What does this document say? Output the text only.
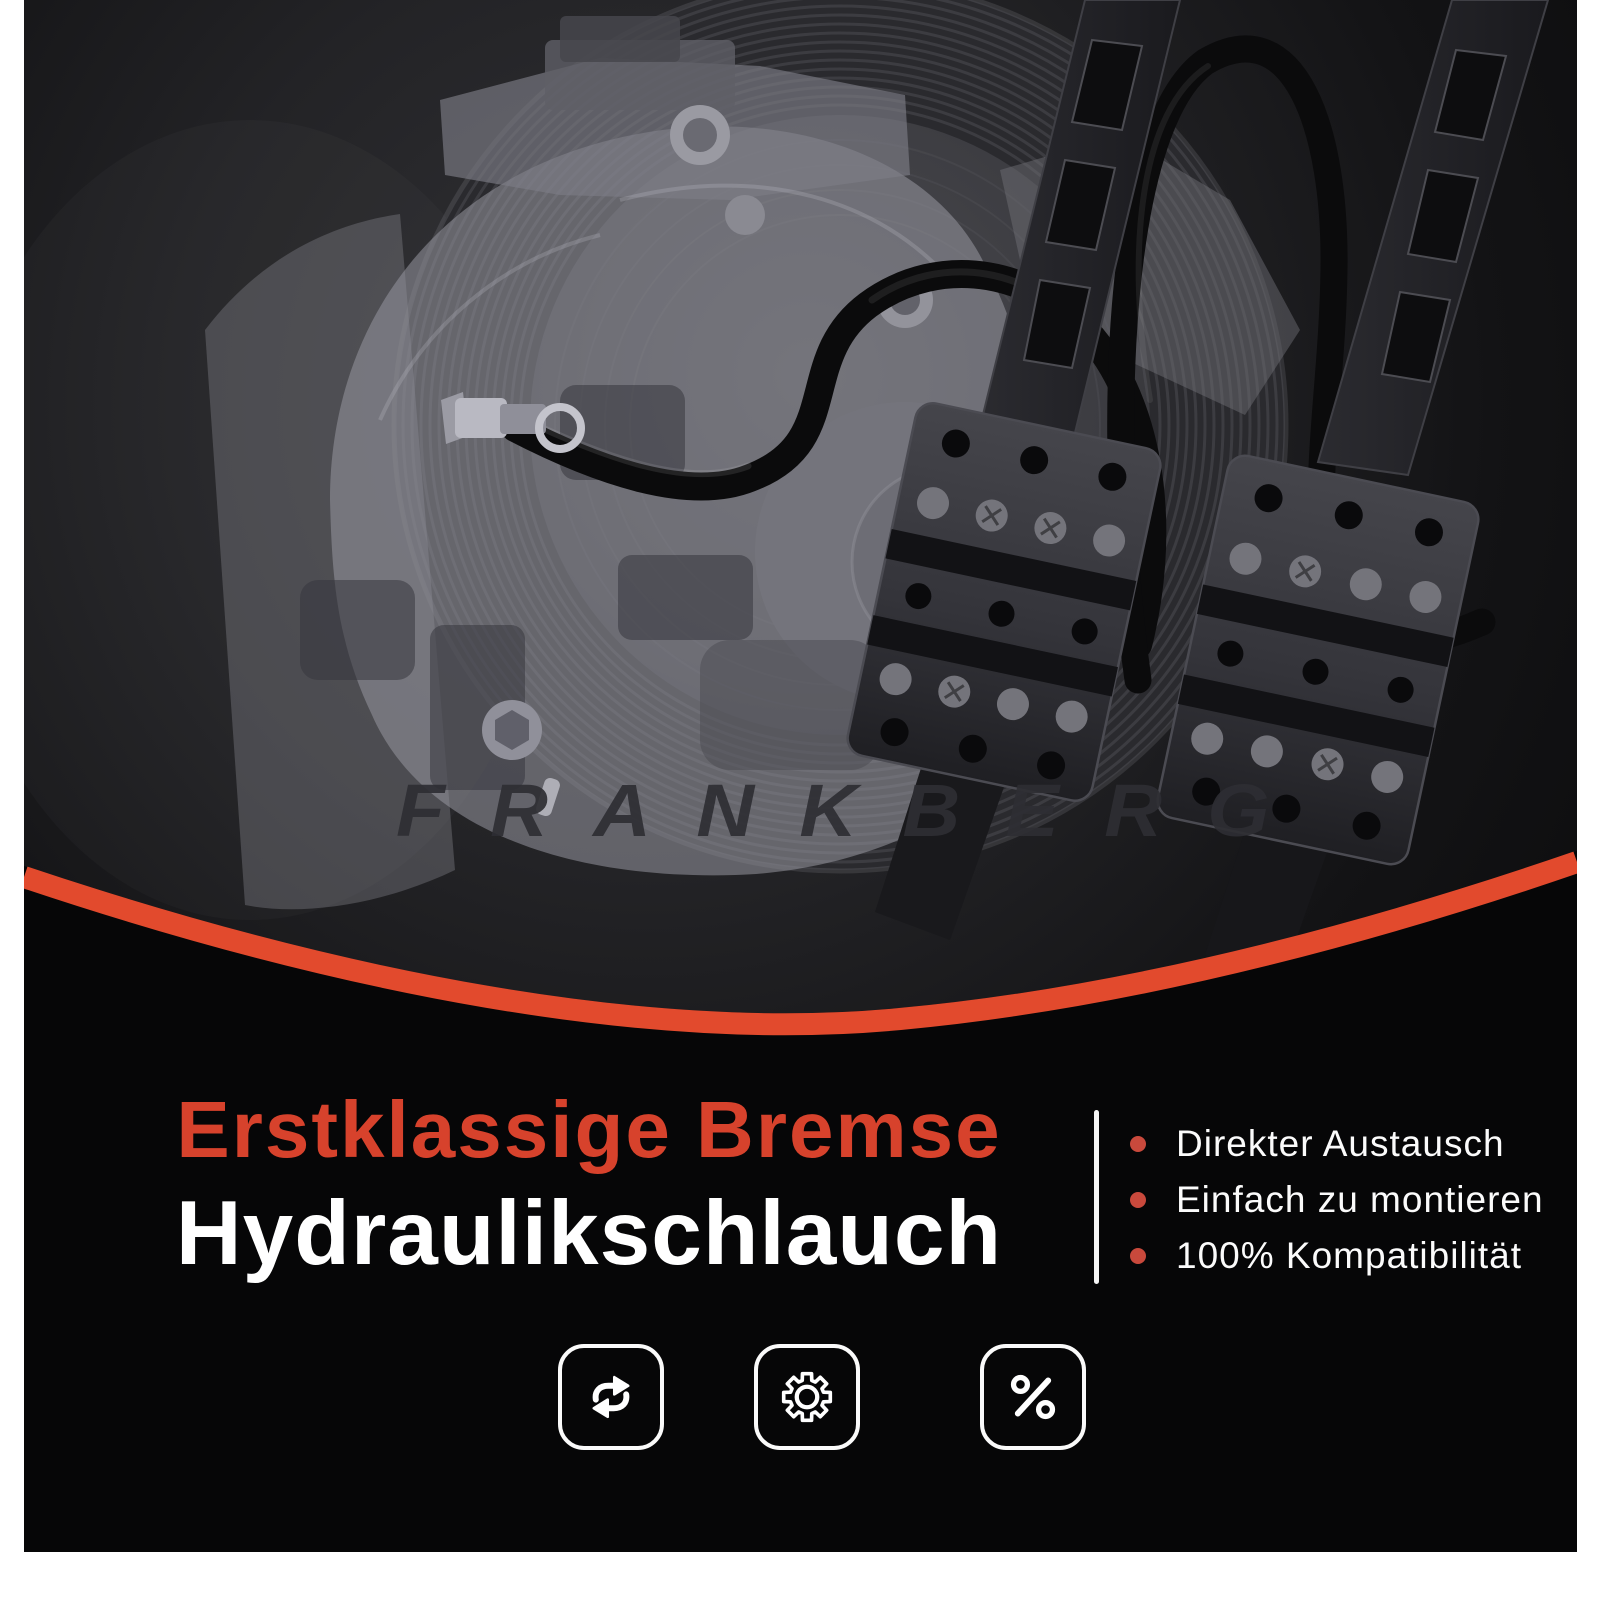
FRANKBERG
Erstklassige Bremse
Hydraulikschlauch
Direkter Austausch
Einfach zu montieren
100% Kompatibilität
